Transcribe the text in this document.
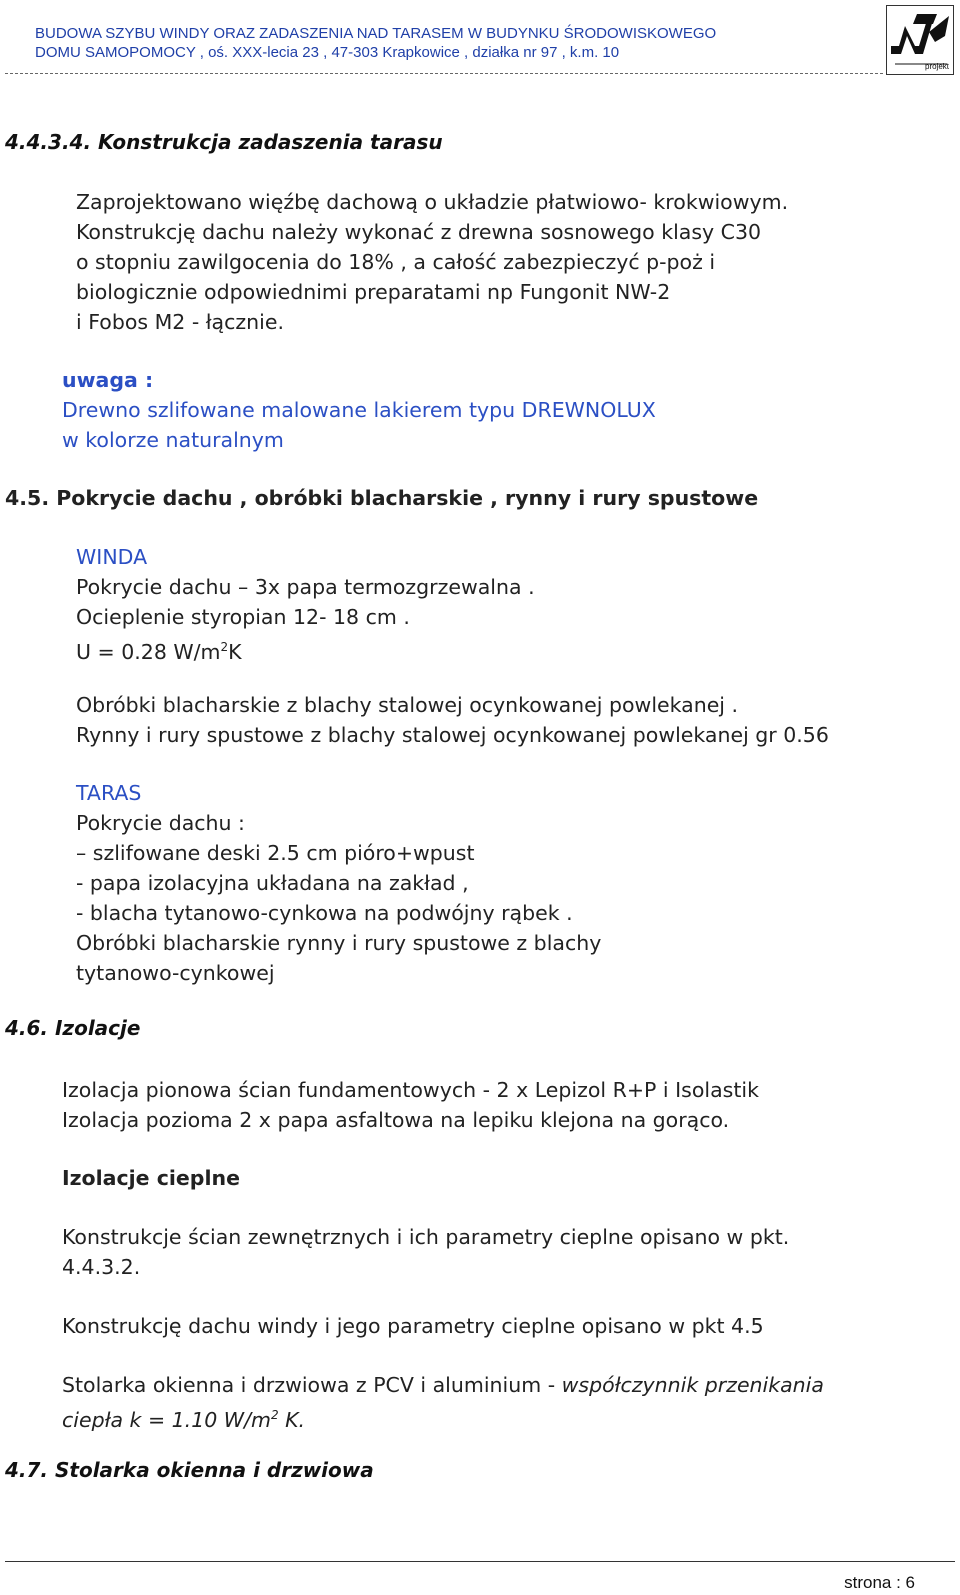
BUDOWA SZYBU WINDY ORAZ ZADASZENIA NAD TARASEM W BUDYNKU ŚRODOWISKOWEGO
DOMU SAMOPOMOCY , oś. XXX-lecia 23 , 47-303 Krapkowice , działka nr 97 , k.m. 10
projekt
4.4.3.4. Konstrukcja zadaszenia tarasu
Zaprojektowano więźbę dachową o układzie płatwiowo- krokwiowym.
Konstrukcję dachu należy wykonać z drewna sosnowego klasy C30
o stopniu zawilgocenia do 18% , a całość zabezpieczyć p-poż i
biologicznie odpowiednimi preparatami np Fungonit NW-2
i Fobos M2 - łącznie.
uwaga :
Drewno szlifowane malowane lakierem typu DREWNOLUX
w kolorze naturalnym
4.5. Pokrycie dachu , obróbki blacharskie , rynny i rury spustowe
WINDA
Pokrycie dachu – 3x papa termozgrzewalna .
Ocieplenie styropian 12- 18 cm .
U = 0.28 $W/m^2K$
Obróbki blacharskie z blachy stalowej ocynkowanej powlekanej .
Rynny i rury spustowe z blachy stalowej ocynkowanej powlekanej gr 0.56
TARAS
Pokrycie dachu :
– szlifowane deski 2.5 cm pióro+wpust
- papa izolacyjna układana na zakład ,
- blacha tytanowo-cynkowa na podwójny rąbek .
Obróbki blacharskie rynny i rury spustowe z blachy
tytanowo-cynkowej
4.6. Izolacje
Izolacja pionowa ścian fundamentowych - 2 x Lepizol R+P i Isolastik
Izolacja pozioma 2 x papa asfaltowa na lepiku klejona na gorąco.
Izolacje cieplne
Konstrukcje ścian zewnętrznych i ich parametry cieplne opisano w pkt.
4.4.3.2.
Konstrukcję dachu windy i jego parametry cieplne opisano w pkt 4.5
Stolarka okienna i drzwiowa z PCV i aluminium - współczynnik przenikania
ciepła k = 1.10 $W/m^2$ K.
4.7. Stolarka okienna i drzwiowa
strona : 6
